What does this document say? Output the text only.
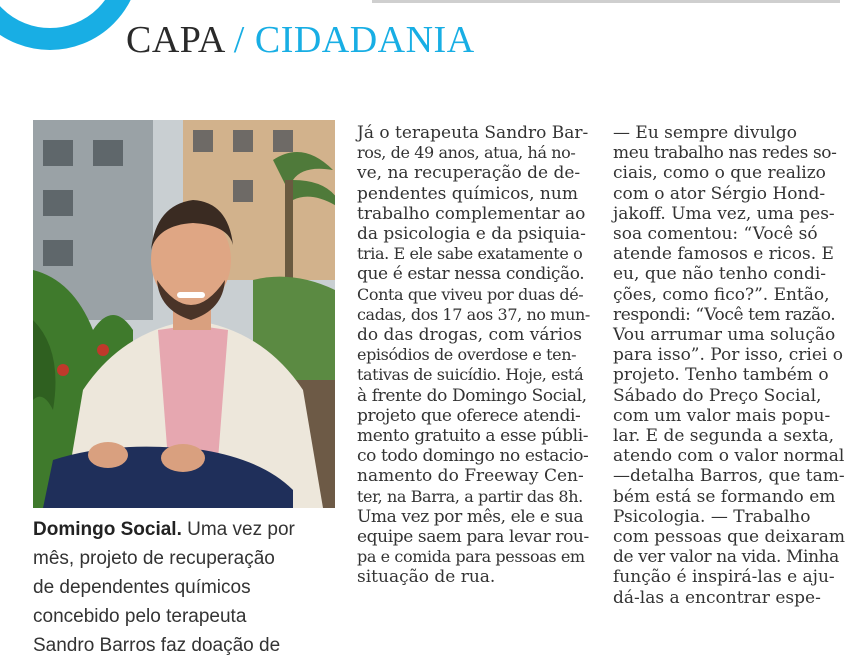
CAPA / CIDADANIA
Domingo Social. Uma vez por
mês, projeto de recuperação
de dependentes químicos
concebido pelo terapeuta
Sandro Barros faz doação de
Já o terapeuta Sandro Bar-
ros, de 49 anos, atua, há no-
ve, na recuperação de de-
pendentes químicos, num
trabalho complementar ao
da psicologia e da psiquia-
tria. E ele sabe exatamente o
que é estar nessa condição.
Conta que viveu por duas dé-
cadas, dos 17 aos 37, no mun-
do das drogas, com vários
episódios de overdose e ten-
tativas de suicídio. Hoje, está
à frente do Domingo Social,
projeto que oferece atendi-
mento gratuito a esse públi-
co todo domingo no estacio-
namento do Freeway Cen-
ter, na Barra, a partir das 8h.
Uma vez por mês, ele e sua
equipe saem para levar rou-
pa e comida para pessoas em
situação de rua.
— Eu sempre divulgo
meu trabalho nas redes so-
ciais, como o que realizo
com o ator Sérgio Hond-
jakoff. Uma vez, uma pes-
soa comentou: “Você só
atende famosos e ricos. E
eu, que não tenho condi-
ções, como fico?”. Então,
respondi: “Você tem razão.
Vou arrumar uma solução
para isso”. Por isso, criei o
projeto. Tenho também o
Sábado do Preço Social,
com um valor mais popu-
lar. E de segunda a sexta,
atendo com o valor normal
—detalha Barros, que tam-
bém está se formando em
Psicologia. — Trabalho
com pessoas que deixaram
de ver valor na vida. Minha
função é inspirá-las e aju-
dá-las a encontrar espe-
